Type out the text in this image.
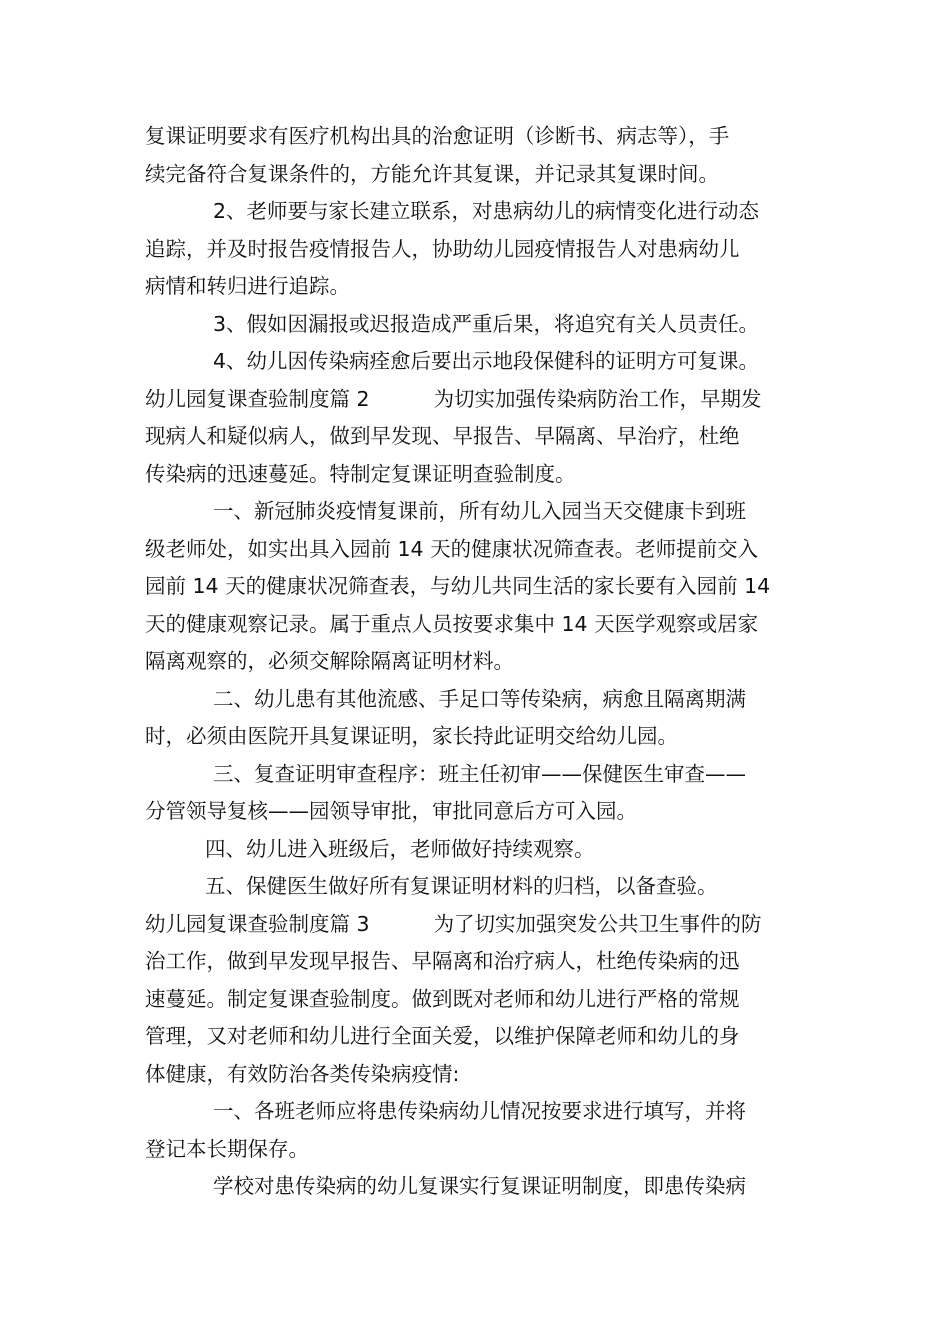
复课证明要求有医疗机构出具的治愈证明（诊断书、病志等），手
续完备符合复课条件的，方能允许其复课，并记录其复课时间。
2、老师要与家长建立联系，对患病幼儿的病情变化进行动态
追踪，并及时报告疫情报告人，协助幼儿园疫情报告人对患病幼儿
病情和转归进行追踪。
3、假如因漏报或迟报造成严重后果，将追究有关人员责任。
4、幼儿因传染病痊愈后要出示地段保健科的证明方可复课。
幼儿园复课查验制度篇 2	为切实加强传染病防治工作，早期发
现病人和疑似病人，做到早发现、早报告、早隔离、早治疗，杜绝
传染病的迅速蔓延。特制定复课证明查验制度。
一、新冠肺炎疫情复课前，所有幼儿入园当天交健康卡到班
级老师处，如实出具入园前 14 天的健康状况筛查表。老师提前交入
园前 14 天的健康状况筛查表，与幼儿共同生活的家长要有入园前 14
天的健康观察记录。属于重点人员按要求集中 14 天医学观察或居家
隔离观察的，必须交解除隔离证明材料。
二、幼儿患有其他流感、手足口等传染病，病愈且隔离期满
时，必须由医院开具复课证明，家长持此证明交给幼儿园。
三、复查证明审查程序：班主任初审——保健医生审查——
分管领导复核——园领导审批，审批同意后方可入园。
四、幼儿进入班级后，老师做好持续观察。
五、保健医生做好所有复课证明材料的归档，以备查验。
幼儿园复课查验制度篇 3	为了切实加强突发公共卫生事件的防
治工作，做到早发现早报告、早隔离和治疗病人，杜绝传染病的迅
速蔓延。制定复课查验制度。做到既对老师和幼儿进行严格的常规
管理，又对老师和幼儿进行全面关爱，以维护保障老师和幼儿的身
体健康，有效防治各类传染病疫情:
一、各班老师应将患传染病幼儿情况按要求进行填写，并将
登记本长期保存。
学校对患传染病的幼儿复课实行复课证明制度，即患传染病
